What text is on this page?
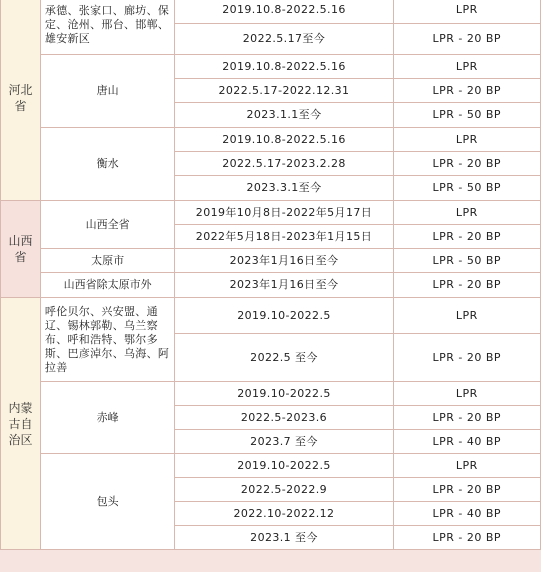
河北省	承德、张家口、廊坊、保定、沧州、邢台、邯郸、雄安新区	2019.10.8-2022.5.16	LPR
		2022.5.17至今	LPR - 20 BP
	唐山	2019.10.8-2022.5.16	LPR
		2022.5.17-2022.12.31	LPR - 20 BP
		2023.1.1至今	LPR - 50 BP
	衡水	2019.10.8-2022.5.16	LPR
		2022.5.17-2023.2.28	LPR - 20 BP
		2023.3.1至今	LPR - 50 BP
山西省	山西全省	2019年10月8日-2022年5月17日	LPR
		2022年5月18日-2023年1月15日	LPR - 20 BP
	太原市	2023年1月16日至今	LPR - 50 BP
	山西省除太原市外	2023年1月16日至今	LPR - 20 BP
内蒙古自治区	呼伦贝尔、兴安盟、通辽、锡林郭勒、乌兰察布、呼和浩特、鄂尔多斯、巴彦淖尔、乌海、阿拉善	2019.10-2022.5	LPR
		2022.5 至今	LPR - 20 BP
	赤峰	2019.10-2022.5	LPR
		2022.5-2023.6	LPR - 20 BP
		2023.7 至今	LPR - 40 BP
	包头	2019.10-2022.5	LPR
		2022.5-2022.9	LPR - 20 BP
		2022.10-2022.12	LPR - 40 BP
		2023.1 至今	LPR - 20 BP
